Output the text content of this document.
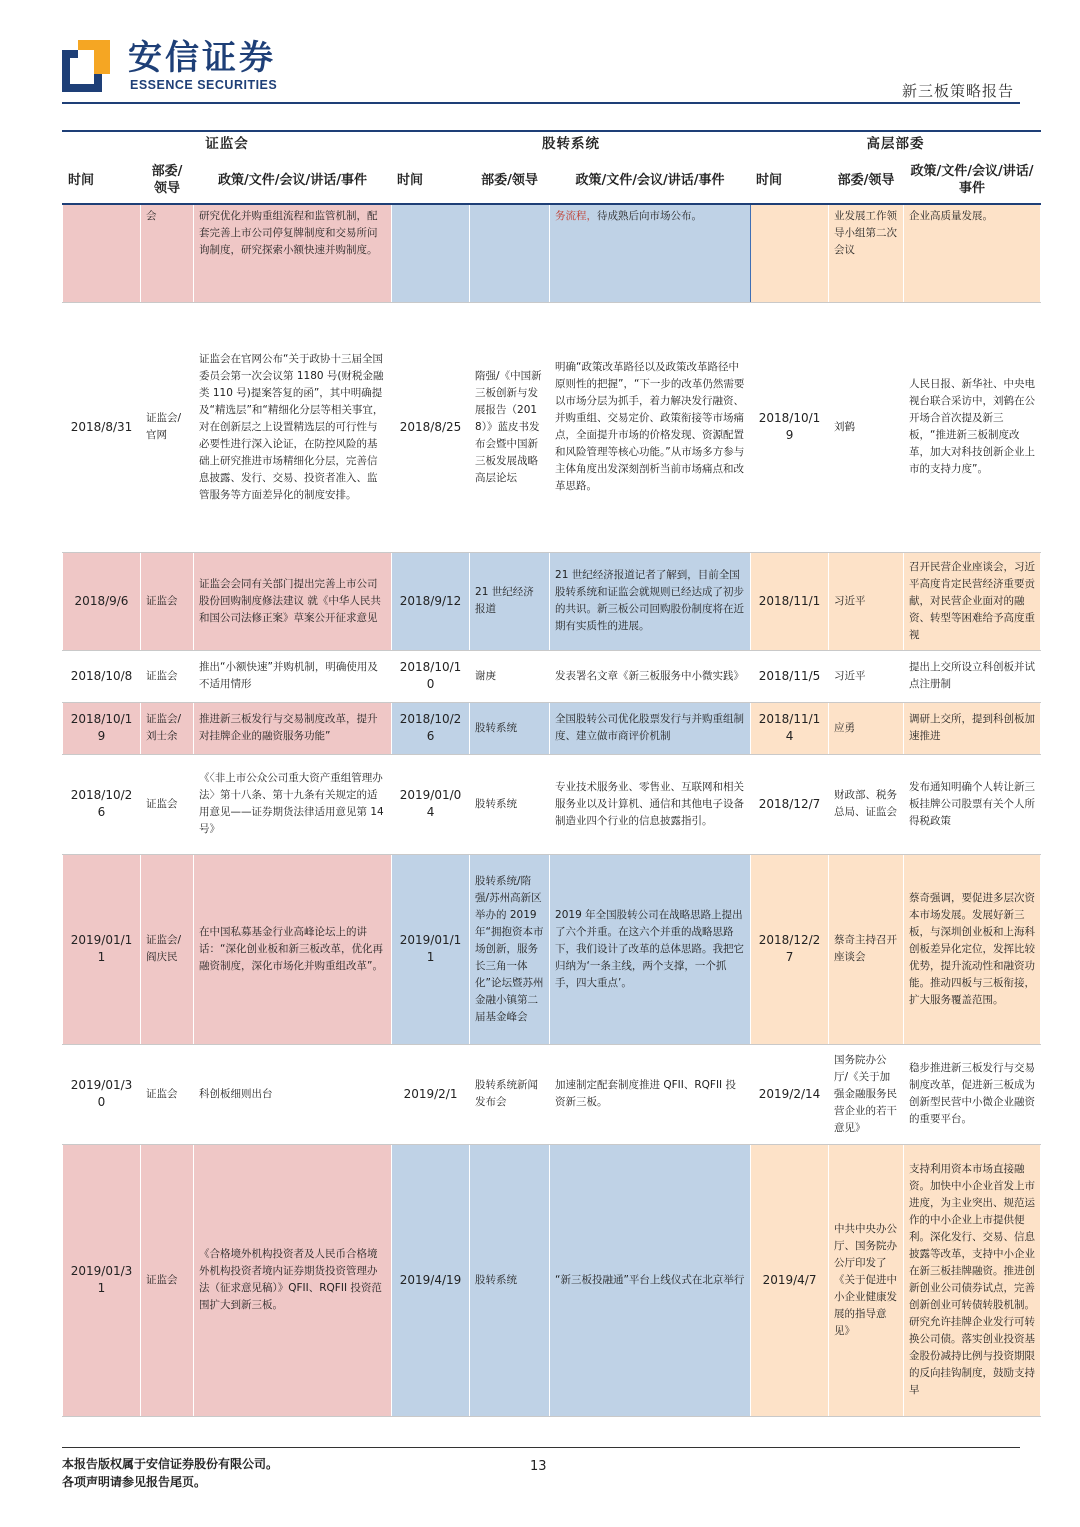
安信证券
ESSENCE SECURITIES	新三板策略报告
证监会			股转系统			高层部委		
时间	部委/领导	政策/文件/会议/讲话/事件	时间	部委/领导	政策/文件/会议/讲话/事件	时间	部委/领导	政策/文件/会议/讲话/事件
	会	研究优化并购重组流程和监管机制，配套完善上市公司停复牌制度和交易所问询制度，研究探索小额快速并购制度。			务流程，待成熟后向市场公布。		业发展工作领导小组第二次会议	企业高质量发展。
2018/8/31	证监会/官网	证监会在官网公布“关于政协十三届全国委员会第一次会议第 1180 号(财税金融类 110 号)提案答复的函”，其中明确提及“精选层”和“精细化分层等相关事宜，对在创新层之上设置精选层的可行性与必要性进行深入论证，在防控风险的基础上研究推进市场精细化分层，完善信息披露、发行、交易、投资者准入、监管服务等方面差异化的制度安排。	2018/8/25	隋强/《中国新三板创新与发展报告（2018）》蓝皮书发布会暨中国新三板发展战略高层论坛	明确“政策改革路径以及政策改革路径中原则性的把握”，“下一步的改革仍然需要以市场分层为抓手，着力解决发行融资、并购重组、交易定价、政策衔接等市场痛点，全面提升市场的价格发现、资源配置和风险管理等核心功能。”从市场多方参与主体角度出发深刻剖析当前市场痛点和改革思路。	2018/10/19	刘鹤	人民日报、新华社、中央电视台联合采访中，刘鹤在公开场合首次提及新三板，“推进新三板制度改革，加大对科技创新企业上市的支持力度”。
2018/9/6	证监会	证监会会同有关部门提出完善上市公司股份回购制度修法建议 就《中华人民共和国公司法修正案》草案公开征求意见	2018/9/12	21 世纪经济报道	21 世纪经济报道记者了解到，目前全国股转系统和证监会就规则已经达成了初步的共识。新三板公司回购股份制度将在近期有实质性的进展。	2018/11/1	习近平	召开民营企业座谈会，习近平高度肯定民营经济重要贡献，对民营企业面对的融资、转型等困难给予高度重视
2018/10/8	证监会	推出“小额快速”并购机制，明确使用及不适用情形	2018/10/10	谢庚	发表署名文章《新三板服务中小微实践》	2018/11/5	习近平	提出上交所设立科创板并试点注册制
2018/10/19	证监会/刘士余	推进新三板发行与交易制度改革，提升对挂牌企业的融资服务功能”	2018/10/26	股转系统	全国股转公司优化股票发行与并购重组制度、建立做市商评价机制	2018/11/14	应勇	调研上交所，提到科创板加速推进
2018/10/26	证监会	《〈非上市公众公司重大资产重组管理办法〉第十八条、第十九条有关规定的适用意见——证券期货法律适用意见第 14 号》	2019/01/04	股转系统	专业技术服务业、零售业、互联网和相关服务业以及计算机、通信和其他电子设备制造业四个行业的信息披露指引。	2018/12/7	财政部、税务总局、证监会	发布通知明确个人转让新三板挂牌公司股票有关个人所得税政策
2019/01/11	证监会/阎庆民	在中国私募基金行业高峰论坛上的讲话：“深化创业板和新三板改革，优化再融资制度，深化市场化并购重组改革”。	2019/01/11	股转系统/隋强/苏州高新区举办的 2019 年“拥抱资本市场创新，服务长三角一体化”论坛暨苏州金融小镇第二届基金峰会	2019 年全国股转公司在战略思路上提出了六个并重。在这六个并重的战略思路下，我们设计了改革的总体思路。我把它归纳为‘一条主线，两个支撑，一个抓手，四大重点’。	2018/12/27	蔡奇主持召开座谈会	蔡奇强调，要促进多层次资本市场发展。发展好新三板，与深圳创业板和上海科创板差异化定位，发挥比较优势，提升流动性和融资功能。推动四板与三板衔接，扩大服务覆盖范围。
2019/01/30	证监会	科创板细则出台	2019/2/1	股转系统新闻发布会	加速制定配套制度推进 QFII、RQFII 投资新三板。	2019/2/14	国务院办公厅/《关于加强金融服务民营企业的若干意见》	稳步推进新三板发行与交易制度改革，促进新三板成为创新型民营中小微企业融资的重要平台。
2019/01/31	证监会	《合格境外机构投资者及人民币合格境外机构投资者境内证券期货投资管理办法（征求意见稿）》QFII、RQFII 投资范围扩大到新三板。	2019/4/19	股转系统	“新三板投融通”平台上线仪式在北京举行	2019/4/7	中共中央办公厅、国务院办公厅印发了《关于促进中小企业健康发展的指导意见》	支持利用资本市场直接融资。加快中小企业首发上市进度，为主业突出、规范运作的中小企业上市提供便利。深化发行、交易、信息披露等改革，支持中小企业在新三板挂牌融资。推进创新创业公司债券试点，完善创新创业可转债转股机制。研究允许挂牌企业发行可转换公司债。落实创业投资基金股份减持比例与投资期限的反向挂钩制度，鼓励支持早
本报告版权属于安信证券股份有限公司。
各项声明请参见报告尾页。
13
